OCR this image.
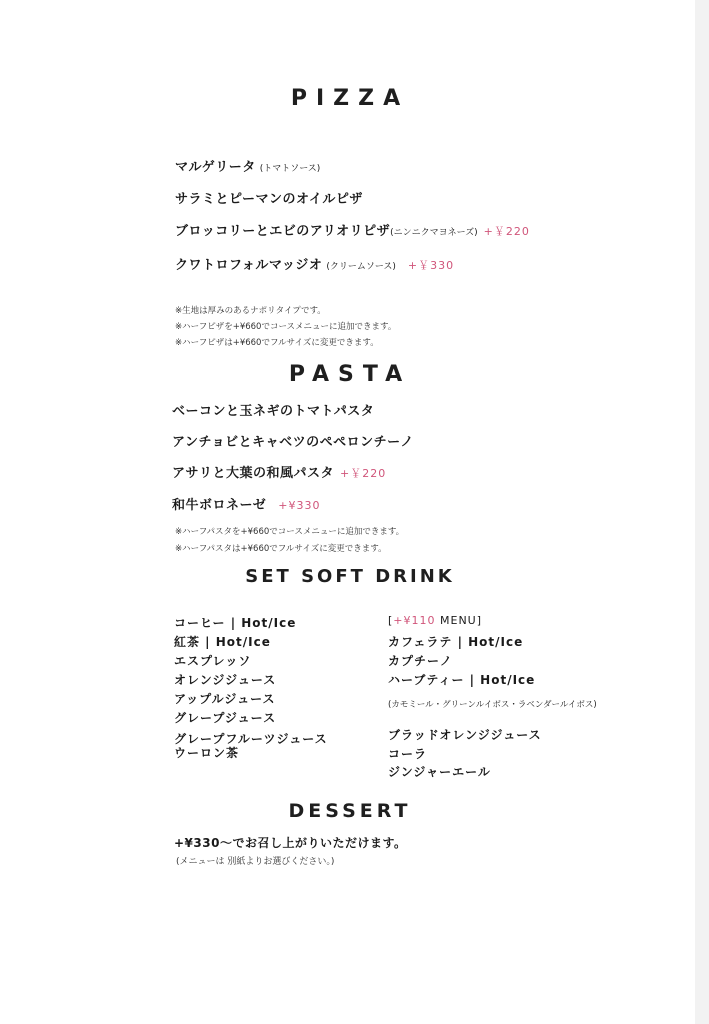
PIZZA
マルゲリータ (トマトソース)
サラミとピーマンのオイルピザ
ブロッコリーとエビのアリオリピザ(ニンニクマヨネーズ) +￥220
クワトロフォルマッジオ (クリームソース) +￥330
※生地は厚みのあるナポリタイプです。
※ハーフピザを+¥660でコースメニューに追加できます。
※ハーフピザは+¥660でフルサイズに変更できます。
PASTA
ベーコンと玉ネギのトマトパスタ
アンチョビとキャベツのペペロンチーノ
アサリと大葉の和風パスタ +￥220
和牛ボロネーゼ +¥330
※ハーフパスタを+¥660でコースメニューに追加できます。
※ハーフパスタは+¥660でフルサイズに変更できます。
SET SOFT DRINK
コーヒー | Hot/Ice
紅茶 | Hot/Ice
エスプレッソ
オレンジジュース
アップルジュース
グレープジュース
グレープフルーツジュース
ウーロン茶
[+¥110 MENU]
カフェラテ | Hot/Ice
カプチーノ
ハーブティー | Hot/Ice
(カモミール・グリーンルイボス・ラベンダールイボス)
ブラッドオレンジジュース
コーラ
ジンジャーエール
DESSERT
+¥330〜でお召し上がりいただけます。
(メニューは 別紙よりお選びください。)
